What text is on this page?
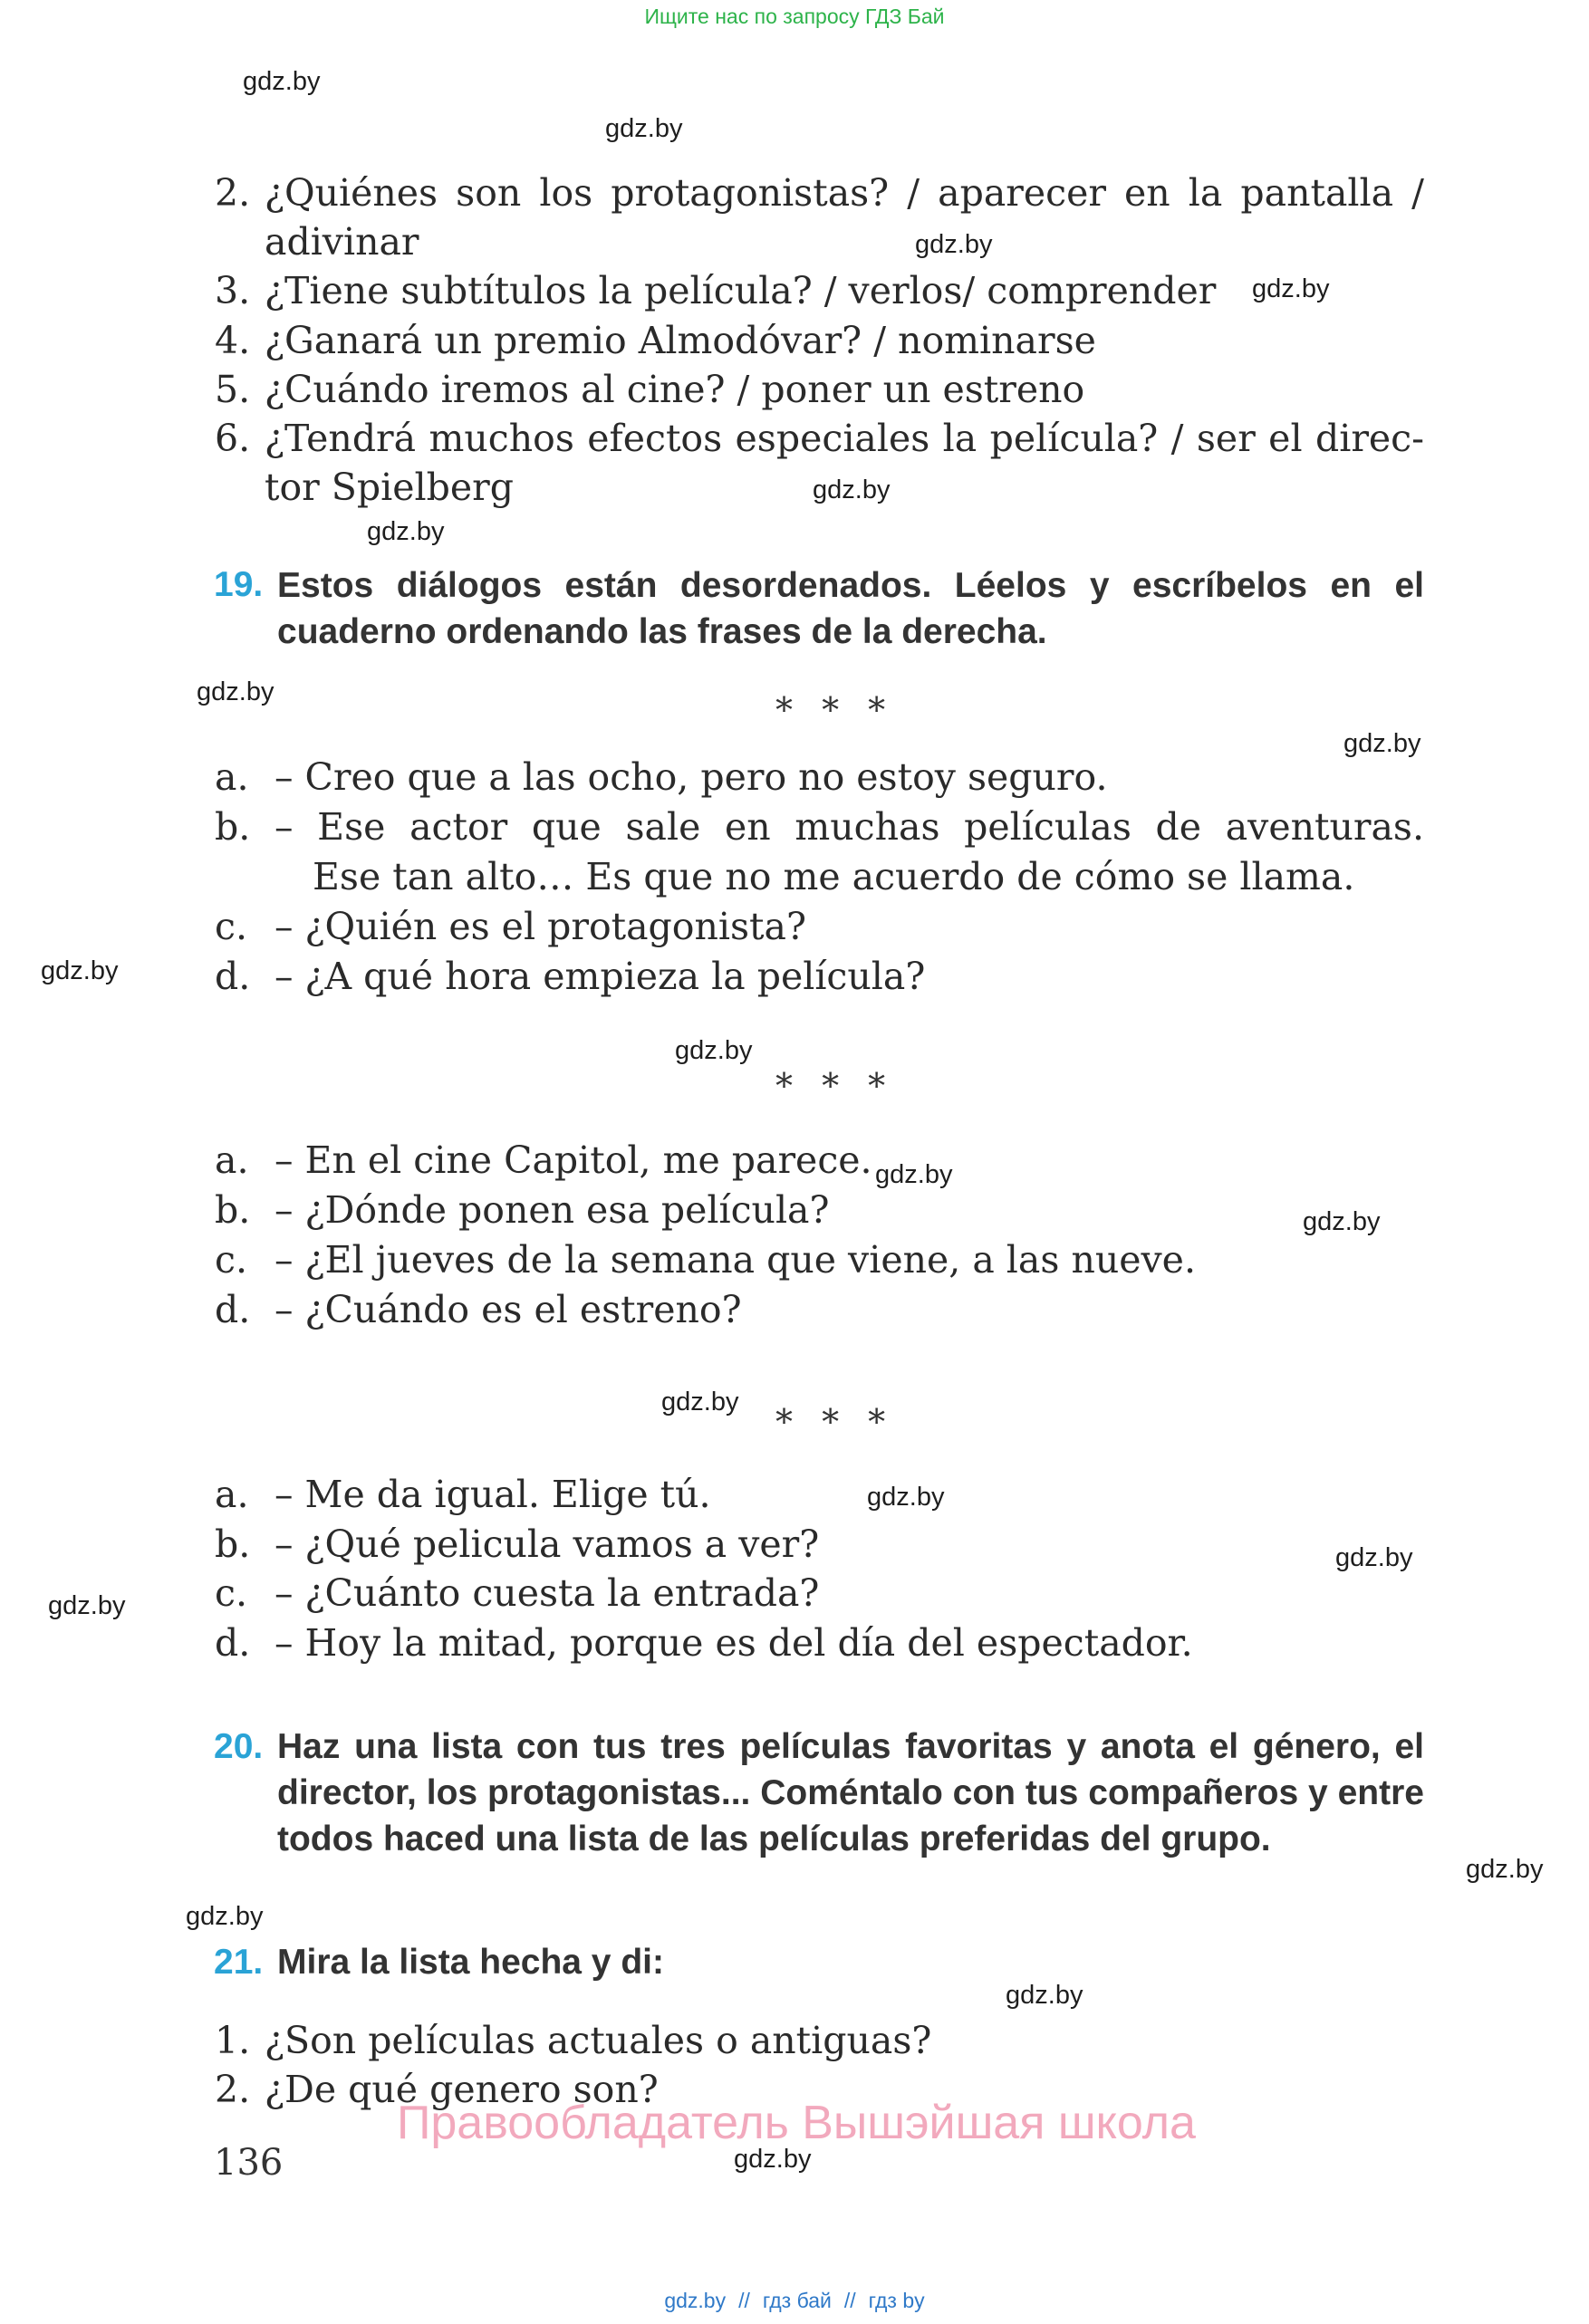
Ищите нас по запросу ГДЗ Бай
gdz.by
gdz.by
gdz.by
gdz.by
gdz.by
gdz.by
gdz.by
gdz.by
gdz.by
gdz.by
gdz.by
gdz.by
gdz.by
gdz.by
gdz.by
gdz.by
gdz.by
gdz.by
gdz.by
gdz.by
2. ¿Quiénes son los protagonistas? / aparecer en la pantalla /
adivinar
3. ¿Tiene subtítulos la película? / verlos/ comprender
4. ¿Ganará un premio Almodóvar? / nominarse
5. ¿Cuándo iremos al cine? / poner un estreno
6. ¿Tendrá muchos efectos especiales la película? / ser el direc-
tor Spielberg
19. Estos diálogos están desordenados. Léelos y escríbelos en el cuaderno ordenando las frases de la derecha.
* * *
a. – Creo que a las ocho, pero no estoy seguro.
b. – Ese actor que sale en muchas películas de aventuras.
Ese tan alto… Es que no me acuerdo de cómo se llama.
c. – ¿Quién es el protagonista?
d. – ¿A qué hora empieza la película?
* * *
a. – En el cine Capitol, me parece.
b. – ¿Dónde ponen esa película?
c. – ¿El jueves de la semana que viene, a las nueve.
d. – ¿Cuándo es el estreno?
* * *
a. – Me da igual. Elige tú.
b. – ¿Qué pelicula vamos a ver?
c. – ¿Cuánto cuesta la entrada?
d. – Hoy la mitad, porque es del día del espectador.
20. Haz una lista con tus tres películas favoritas y anota el género, el director, los protagonistas... Coméntalo con tus compañeros y entre todos haced una lista de las películas preferidas del grupo.
21. Mira la lista hecha y di:
1. ¿Son películas actuales o antiguas?
2. ¿De qué genero son?
Правообладатель Вышэйшая школа
136
gdz.by // гдз бай // гдз by
